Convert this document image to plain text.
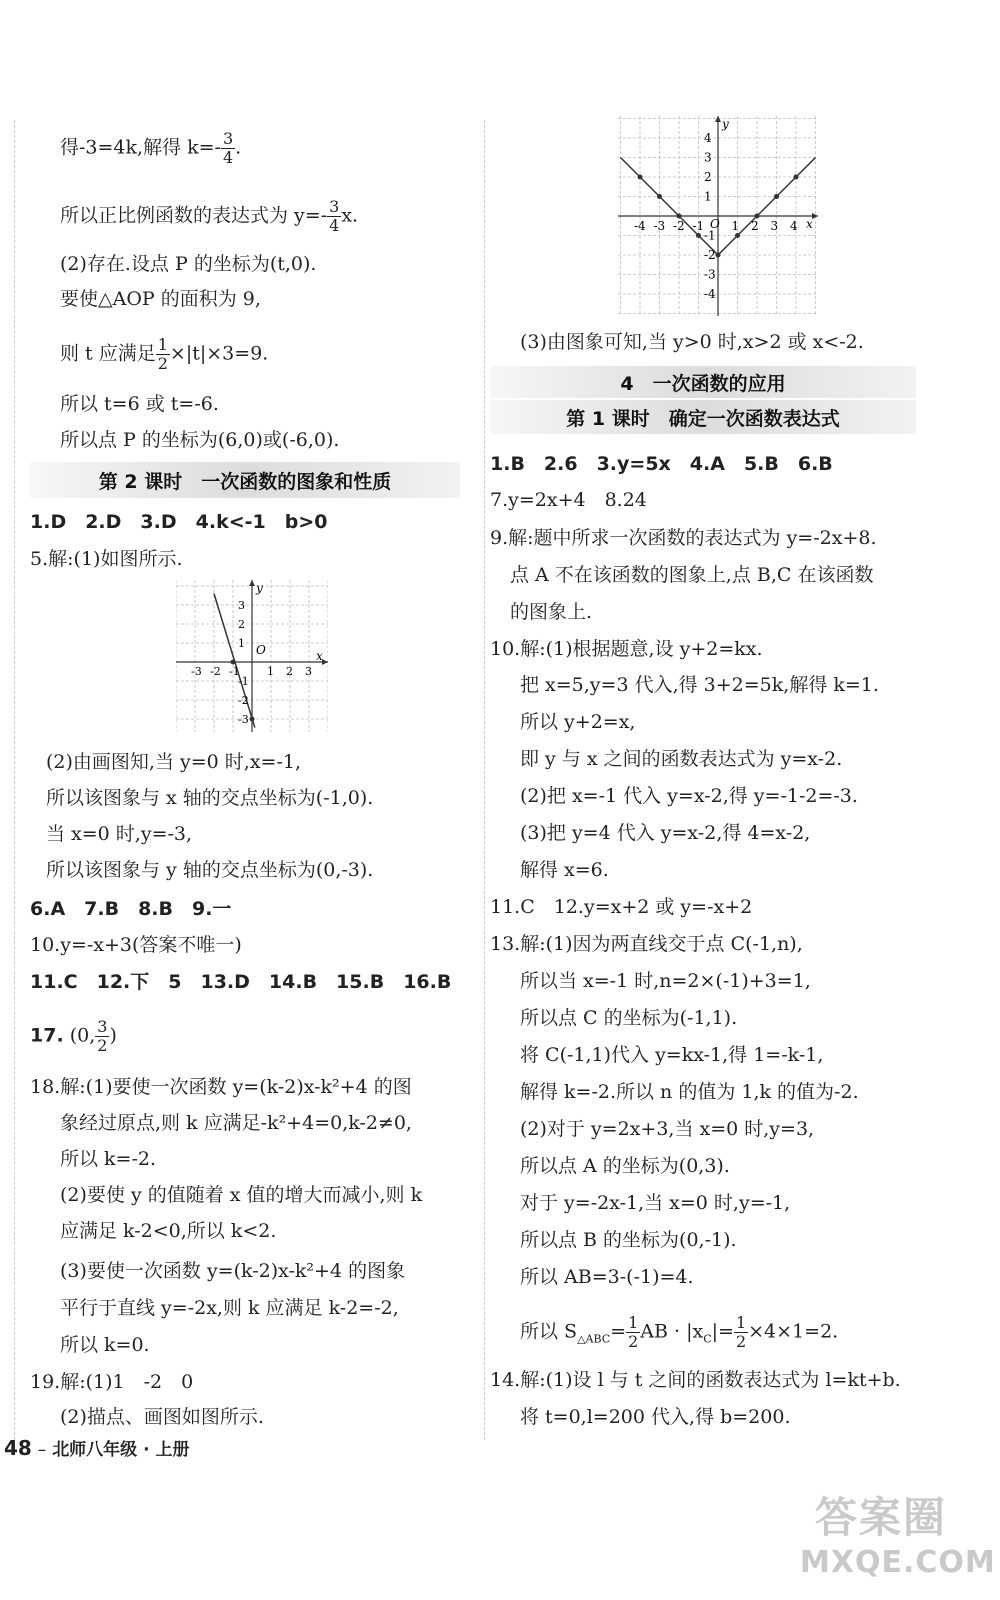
得-3=4k,解得 $k=- \frac{3}{4}$ .
所以正比例函数的表达式为 $y=- \frac{3}{4} x$.
(2)存在.设点 P 的坐标为(t,0).
要使△AOP 的面积为 9,
则 t 应满足 $\frac{1}{2} \times|t|\times 3=9$.
所以 t=6 或 t=-6.
所以点 P 的坐标为(6,0)或(-6,0).
第 2 课时　一次函数的图象和性质
1.D　2.D　3.D　4.k<-1　b>0
5.解:(1)如图所示.
x
y
O
-3 -2 -1 1 2 3
3
2
1
-1
-2
-3
(2)由画图知,当 y=0 时,x=-1,
所以该图象与 x 轴的交点坐标为(-1,0).
当 x=0 时,y=-3,
所以该图象与 y 轴的交点坐标为(0,-3).
6.A　7.B　8.B　9.一
10.y=-x+3(答案不唯一)
11.C　12.下　5　13.D　14.B　15.B　16.B
17. (0, $\frac{3}{2}$ )
18.解:(1)要使一次函数 y=(k-2)x-k²+4 的图
象经过原点,则 k 应满足-k²+4=0,k-2≠0,
所以 k=-2.
(2)要使 y 的值随着 x 值的增大而减小,则 k
应满足 k-2<0,所以 k<2.
(3)要使一次函数 y=(k-2)x-k²+4 的图象
平行于直线 y=-2x,则 k 应满足 k-2=-2,
所以 k=0.
19.解:(1)1　-2　0
(2)描点、画图如图所示.
x
y
O
-4 -3 -2 -1 1 2 3 4
4
3
2
1
-1
-2
-3
-4
(3)由图象可知,当 y>0 时,x>2 或 x<-2.
4　一次函数的应用
第 1 课时　确定一次函数表达式
1.B　2.6　3.y=5x　4.A　5.B　6.B
7.y=2x+4　8.24
9.解:题中所求一次函数的表达式为 y=-2x+8.
点 A 不在该函数的图象上,点 B,C 在该函数
的图象上.
10.解:(1)根据题意,设 y+2=kx.
把 x=5,y=3 代入,得 3+2=5k,解得 k=1.
所以 y+2=x,
即 y 与 x 之间的函数表达式为 y=x-2.
(2)把 x=-1 代入 y=x-2,得 y=-1-2=-3.
(3)把 y=4 代入 y=x-2,得 4=x-2,
解得 x=6.
11.C　12.y=x+2 或 y=-x+2
13.解:(1)因为两直线交于点 C(-1,n),
所以当 x=-1 时,n=2×(-1)+3=1,
所以点 C 的坐标为(-1,1).
将 C(-1,1)代入 y=kx-1,得 1=-k-1,
解得 k=-2.所以 n 的值为 1,k 的值为-2.
(2)对于 y=2x+3,当 x=0 时,y=3,
所以点 A 的坐标为(0,3).
对于 y=-2x-1,当 x=0 时,y=-1,
所以点 B 的坐标为(0,-1).
所以 AB=3-(-1)=4.
所以 $S_{\triangle ABC}= \frac{1}{2}$ AB · $|x_C|= \frac{1}{2} \times 4\times 1=2$.
14.解:(1)设 l 与 t 之间的函数表达式为 l=kt+b.
将 t=0,l=200 代入,得 b=200.
48 – 北师八年级 · 上册
答案圈
MXQE.COM
